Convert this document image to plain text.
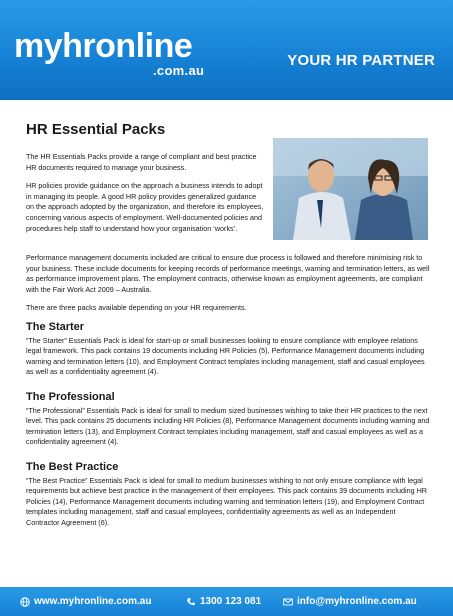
myhronline
.com.au
YOUR HR PARTNER
HR Essential Packs

The HR Essentials Packs provide a range of compliant and best practice HR documents required to manage your business.

HR policies provide guidance on the approach a business intends to adopt in managing its people. A good HR policy provides generalized guidance on the approach adopted by the organization, and therefore its employees, concerning various aspects of employment. Well-documented policies and procedures help staff to understand how your organisation ‘works’.

Performance management documents included are critical to ensure due process is followed and therefore minimising risk to your business. These include documents for keeping records of performance meetings, warning and termination letters, as well as performance improvement plans. The employment contracts, otherwise known as employment agreements, are compliant with the Fair Work Act 2009 – Australia.

There are three packs available depending on your HR requirements.

The Starter

“The Starter” Essentials Pack is ideal for start-up or small businesses looking to ensure compliance with employee relations legal framework. This pack contains 19 documents including HR Policies (5), Performance Management documents including warning and termination letters (10), and Employment Contract templates including management, staff and casual employees as well as a confidentiality agreement (4).

The Professional

“The Professional” Essentials Pack is ideal for small to medium sized businesses wishing to take their HR practices to the next level. This pack contains 25 documents including HR Policies (8), Performance Management documents including warning and termination letters (13), and Employment Contract templates including management, staff and casual employees as well as a confidentiality agreement (4).

The Best Practice

“The Best Practice” Essentials Pack is ideal for small to medium businesses wishing to not only ensure compliance with legal requirements but achieve best practice in the management of their employees. This pack contains 39 documents including HR Policies (14), Performance Management documents including warning and termination letters (19), and Employment Contract templates including management, staff and casual employees, confidentiality agreements as well as an Independent Contractor Agreement (6).

www.myhronline.com.au	1300 123 081	info@myhronline.com.au
